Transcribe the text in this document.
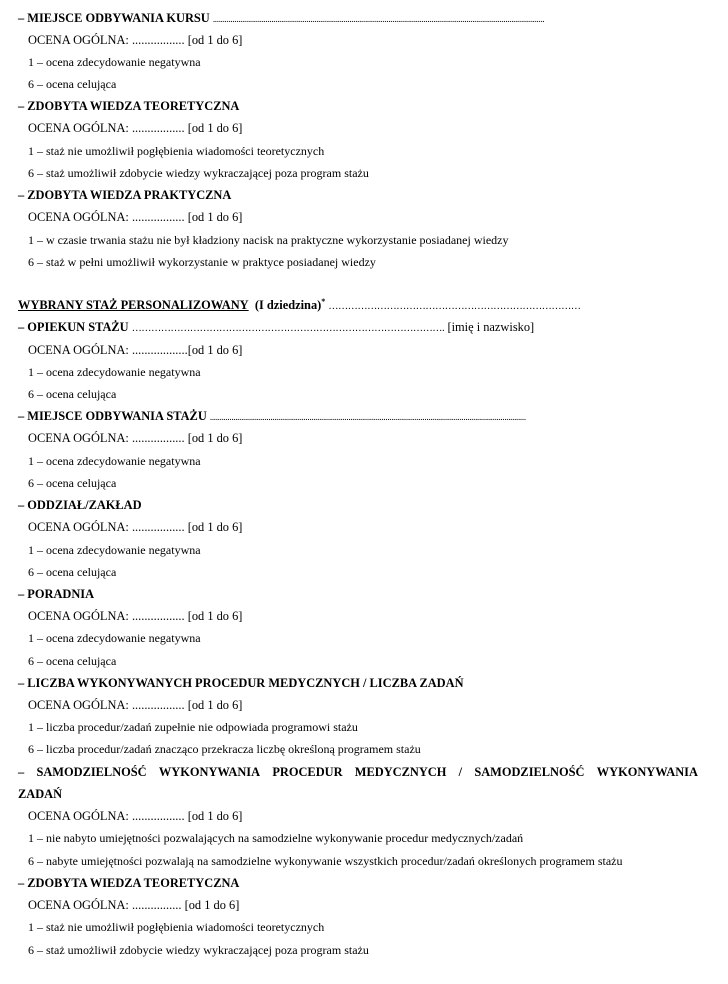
– MIEJSCE ODBYWANIA KURSU ..........................................................................................................................................................................
OCENA OGÓLNA: ................. [od 1 do 6]
1 – ocena zdecydowanie negatywna
6 – ocena celująca
– ZDOBYTA WIEDZA TEORETYCZNA
OCENA OGÓLNA: ................. [od 1 do 6]
1 – staż nie umożliwił pogłębienia wiadomości teoretycznych
6 – staż umożliwił zdobycie wiedzy wykraczającej poza program stażu
– ZDOBYTA WIEDZA PRAKTYCZNA
OCENA OGÓLNA: ................. [od 1 do 6]
1 – w czasie trwania stażu nie był kładziony nacisk na praktyczne wykorzystanie posiadanej wiedzy
6 – staż w pełni umożliwił wykorzystanie w praktyce posiadanej wiedzy
WYBRANY STAŻ PERSONALIZOWANY (I dziedzina)* ……………………………………………………………………
– OPIEKUN STAŻU ……………………………………………………………………………………. [imię i nazwisko]
OCENA OGÓLNA: ..................[od 1 do 6]
1 – ocena zdecydowanie negatywna
6 – ocena celująca
– MIEJSCE ODBYWANIA STAŻU ..................................................................................................................................................................
OCENA OGÓLNA: ................. [od 1 do 6]
1 – ocena zdecydowanie negatywna
6 – ocena celująca
– ODDZIAŁ/ZAKŁAD
OCENA OGÓLNA: ................. [od 1 do 6]
1 – ocena zdecydowanie negatywna
6 – ocena celująca
– PORADNIA
OCENA OGÓLNA: ................. [od 1 do 6]
1 – ocena zdecydowanie negatywna
6 – ocena celująca
– LICZBA WYKONYWANYCH PROCEDUR MEDYCZNYCH / LICZBA ZADAŃ
OCENA OGÓLNA: ................. [od 1 do 6]
1 – liczba procedur/zadań zupełnie nie odpowiada programowi stażu
6 – liczba procedur/zadań znacząco przekracza liczbę określoną programem stażu
– SAMODZIELNOŚĆ WYKONYWANIA PROCEDUR MEDYCZNYCH / SAMODZIELNOŚĆ WYKONYWANIA
ZADAŃ
OCENA OGÓLNA: ................. [od 1 do 6]
1 – nie nabyto umiejętności pozwalających na samodzielne wykonywanie procedur medycznych/zadań
6 – nabyte umiejętności pozwalają na samodzielne wykonywanie wszystkich procedur/zadań określonych programem stażu
– ZDOBYTA WIEDZA TEORETYCZNA
OCENA OGÓLNA: ................ [od 1 do 6]
1 – staż nie umożliwił pogłębienia wiadomości teoretycznych
6 – staż umożliwił zdobycie wiedzy wykraczającej poza program stażu
